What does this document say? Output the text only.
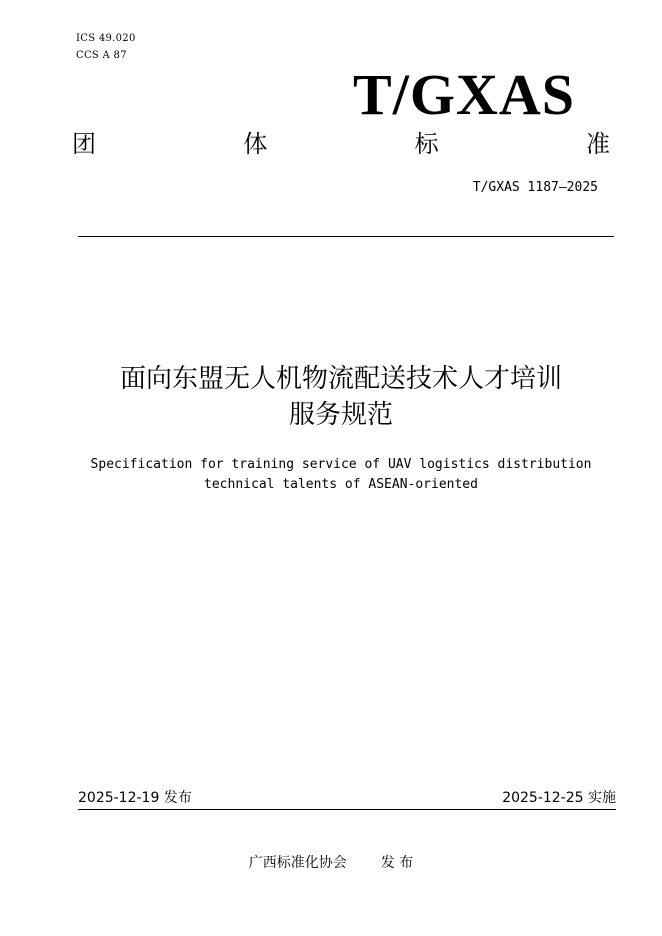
ICS 49.020
CCS A 87
T/GXAS
团	体	标	准
T/GXAS 1187—2025
面向东盟无人机物流配送技术人才培训
服务规范
Specification for training service of UAV logistics distribution
technical talents of ASEAN-oriented
2025-12-19 发布	2025-12-25 实施
广西标准化协会 发 布
